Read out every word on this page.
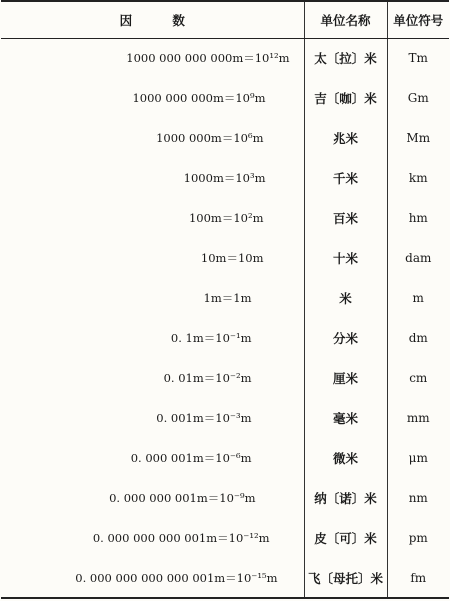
因 数	单位名称	单位符号
1000 000 000 000m＝10¹²m	太〔拉〕米	Tm
1000 000 000m＝10⁹m	吉〔咖〕米	Gm
1000 000m＝10⁶m	兆米	Mm
1000m＝10³m	千米	km
100m＝10²m	百米	hm
10m＝10m	十米	dam
1m＝1m	米	m
0. 1m＝10⁻¹m	分米	dm
0. 01m＝10⁻²m	厘米	cm
0. 001m＝10⁻³m	毫米	mm
0. 000 001m＝10⁻⁶m	微米	μm
0. 000 000 001m＝10⁻⁹m	纳〔诺〕米	nm
0. 000 000 000 001m＝10⁻¹²m	皮〔可〕米	pm
0. 000 000 000 000 001m＝10⁻¹⁵m	飞〔母托〕米	fm
